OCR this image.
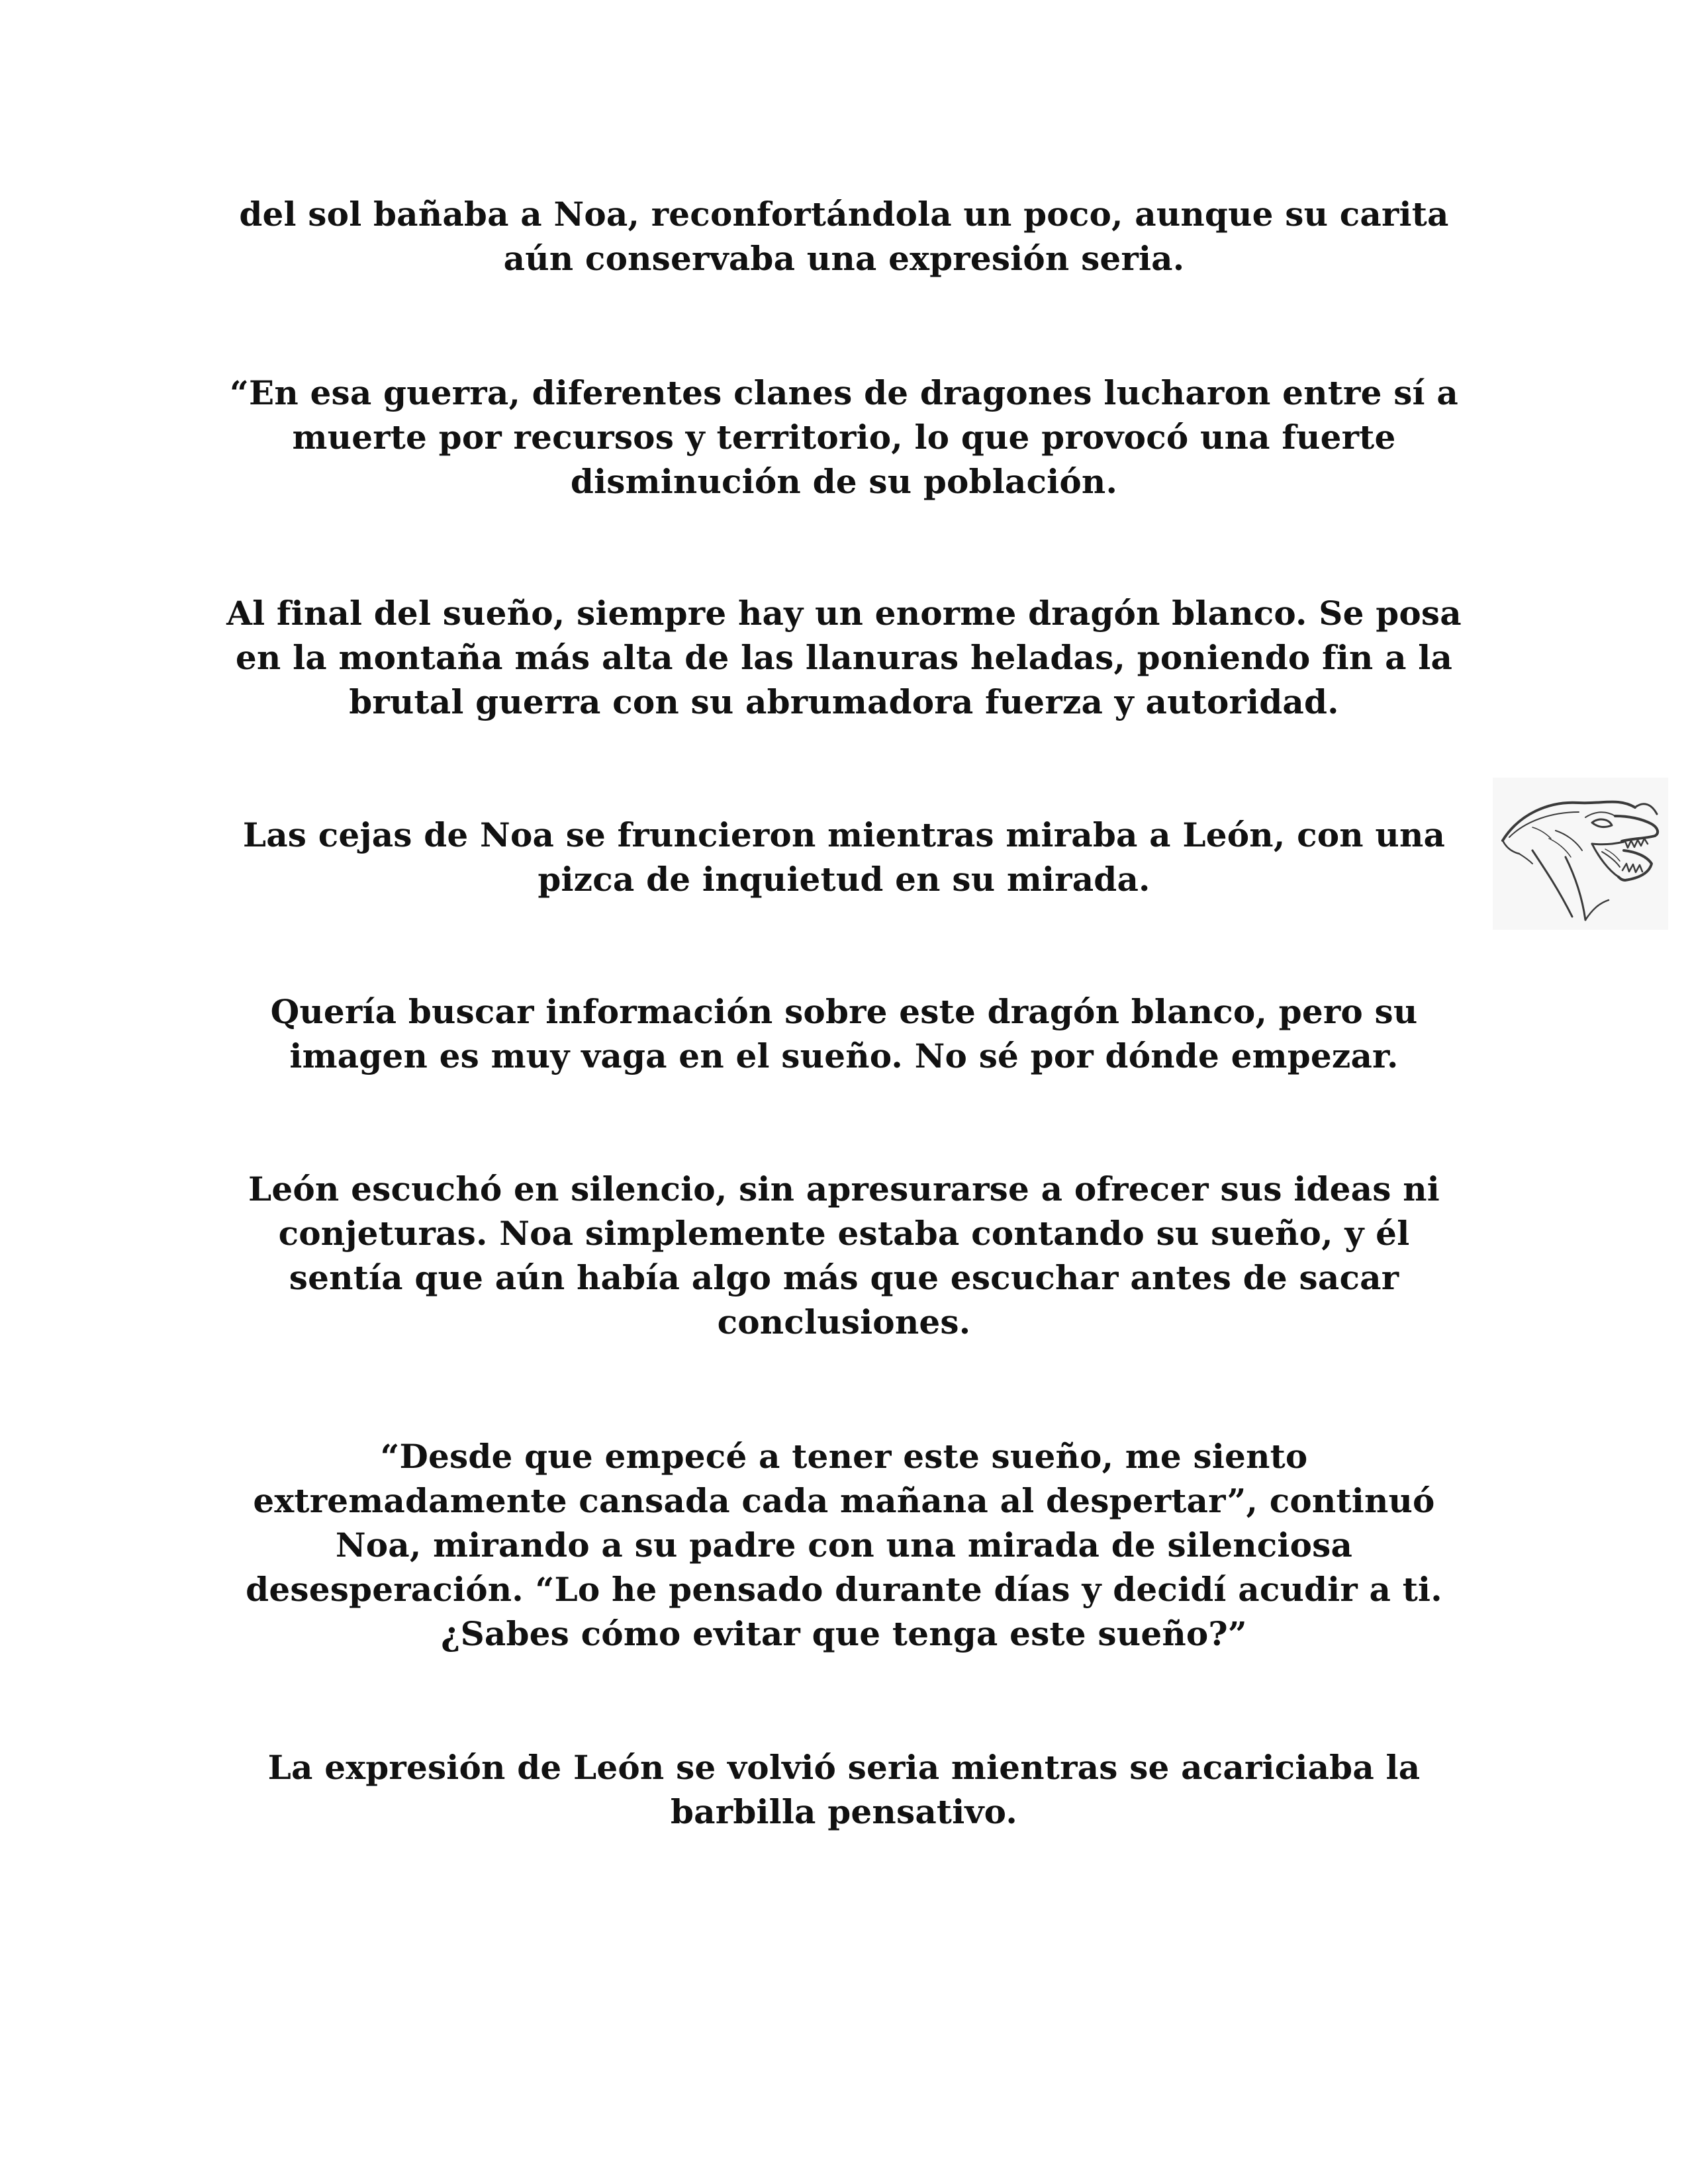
del sol bañaba a Noa, reconfortándola un poco, aunque su carita aún conservaba una expresión seria.

“En esa guerra, diferentes clanes de dragones lucharon entre sí a muerte por recursos y territorio, lo que provocó una fuerte disminución de su población.

Al final del sueño, siempre hay un enorme dragón blanco. Se posa en la montaña más alta de las llanuras heladas, poniendo fin a la brutal guerra con su abrumadora fuerza y autoridad.

Las cejas de Noa se fruncieron mientras miraba a León, con una pizca de inquietud en su mirada.

Quería buscar información sobre este dragón blanco, pero su imagen es muy vaga en el sueño. No sé por dónde empezar.

León escuchó en silencio, sin apresurarse a ofrecer sus ideas ni conjeturas. Noa simplemente estaba contando su sueño, y él sentía que aún había algo más que escuchar antes de sacar conclusiones.

“Desde que empecé a tener este sueño, me siento extremadamente cansada cada mañana al despertar”, continuó Noa, mirando a su padre con una mirada de silenciosa desesperación. “Lo he pensado durante días y decidí acudir a ti. ¿Sabes cómo evitar que tenga este sueño?”

La expresión de León se volvió seria mientras se acariciaba la barbilla pensativo.
